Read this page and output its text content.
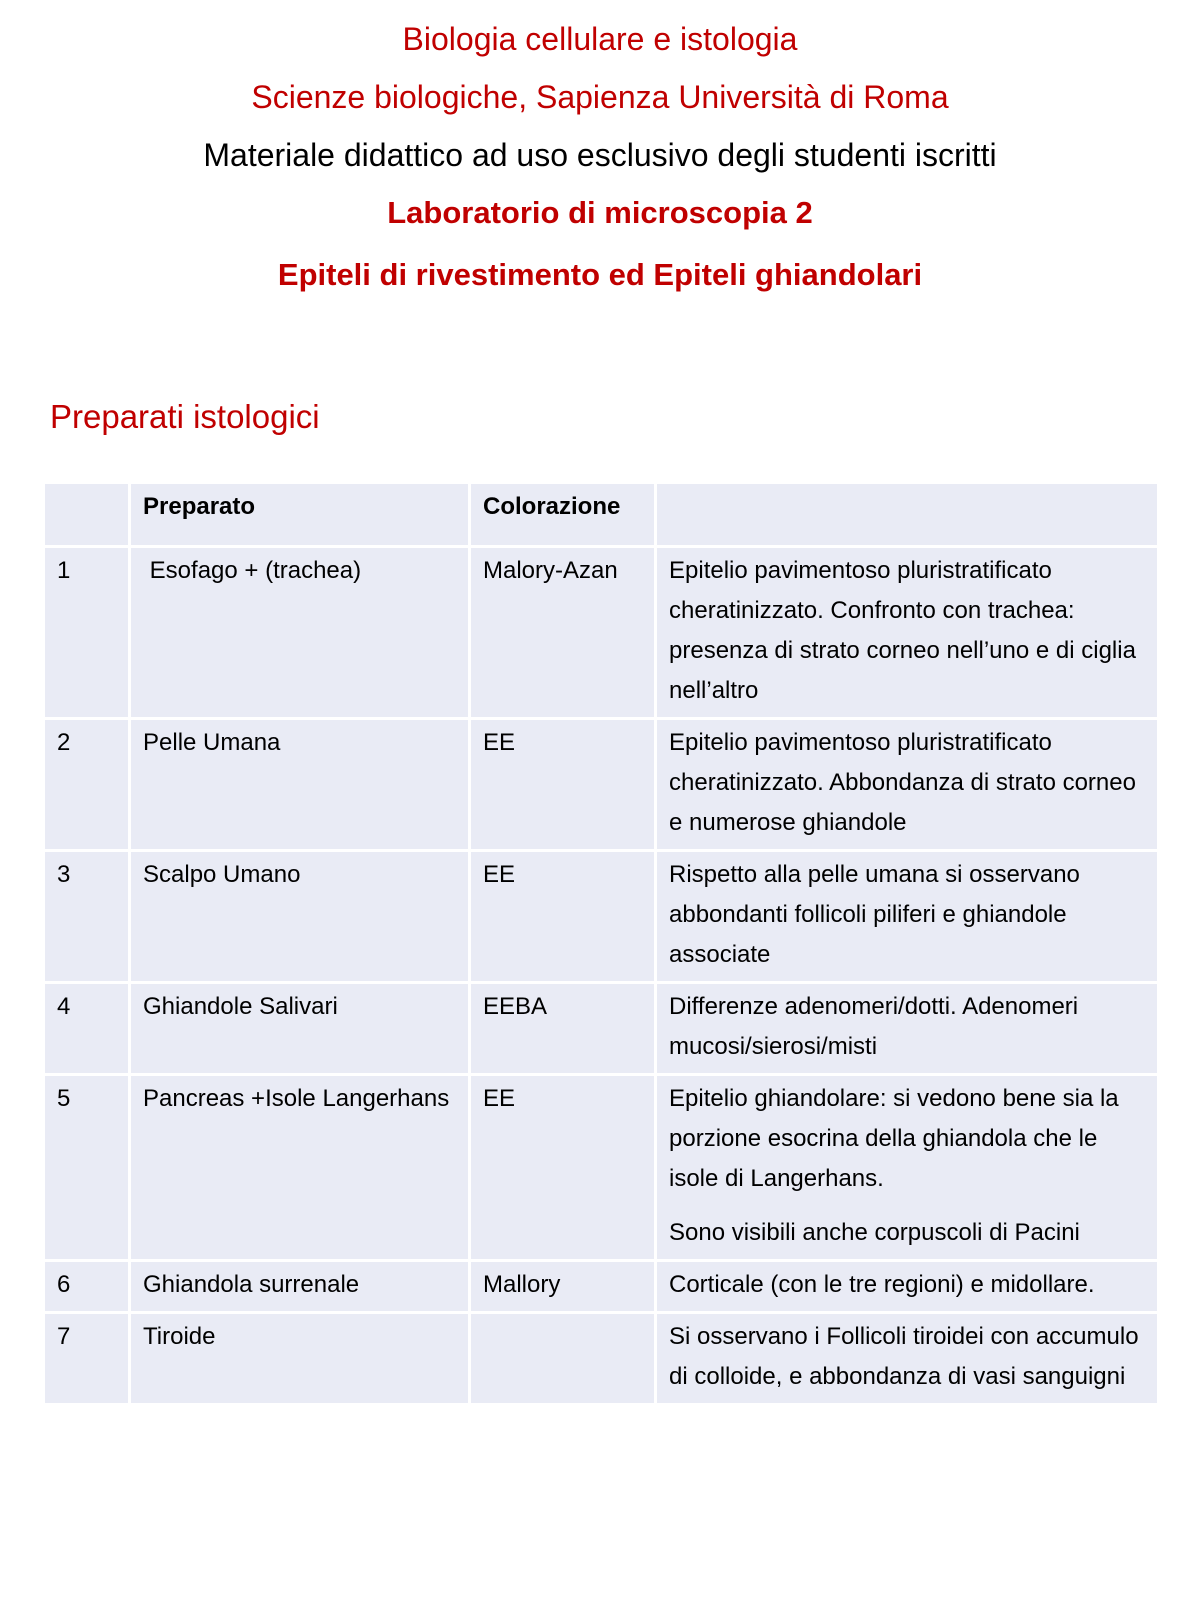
Biologia cellulare e istologia
Scienze biologiche, Sapienza Università di Roma
Materiale didattico ad uso esclusivo degli studenti iscritti
Laboratorio di microscopia 2
Epiteli di rivestimento ed Epiteli ghiandolari
Preparati istologici
	Preparato	Colorazione	
1	Esofago + (trachea)	Malory-Azan	Epitelio pavimentoso pluristratificato cheratinizzato. Confronto con trachea: presenza di strato corneo nell’uno e di ciglia nell’altro

2	Pelle Umana	EE	Epitelio pavimentoso pluristratificato cheratinizzato. Abbondanza di strato corneo e numerose ghiandole

3	Scalpo Umano	EE	Rispetto alla pelle umana si osservano abbondanti follicoli piliferi e ghiandole associate

4	Ghiandole Salivari	EEBA	Differenze adenomeri/dotti. Adenomeri mucosi/sierosi/misti

5	Pancreas +Isole Langerhans	EE	Epitelio ghiandolare: si vedono bene sia la porzione esocrina della ghiandola che le isole di Langerhans.
Sono visibili anche corpuscoli di Pacini

6	Ghiandola surrenale	Mallory	Corticale (con le tre regioni) e midollare.

7	Tiroide		Si osservano i Follicoli tiroidei con accumulo di colloide, e abbondanza di vasi sanguigni
